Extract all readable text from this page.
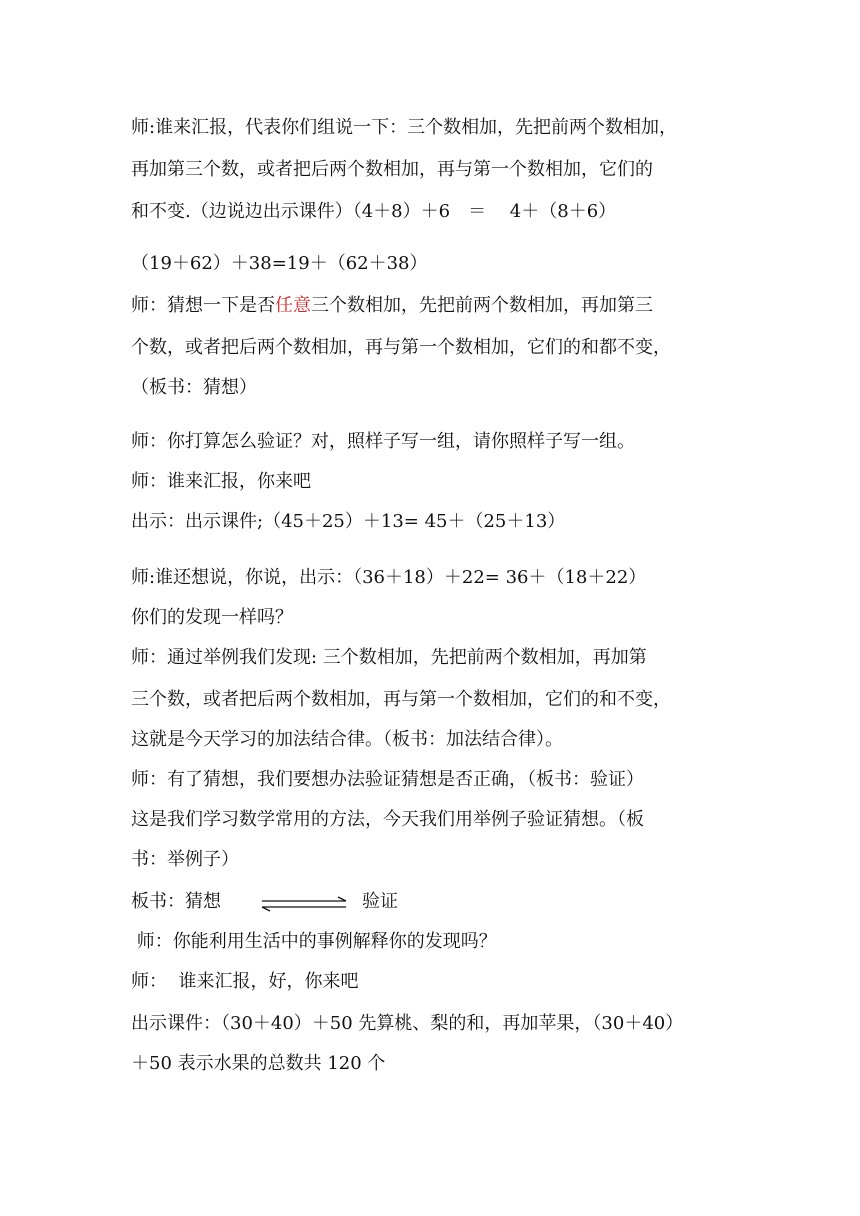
师:谁来汇报，代表你们组说一下：三个数相加，先把前两个数相加，
再加第三个数，或者把后两个数相加，再与第一个数相加，它们的
和不变.（边说边出示课件）（4＋8）＋6　＝　 4＋（8＋6）
（19＋62）＋38=19＋（62＋38）
师：猜想一下是否任意三个数相加，先把前两个数相加，再加第三
个数，或者把后两个数相加，再与第一个数相加，它们的和都不变，
（板书：猜想）
师：你打算怎么验证？对，照样子写一组，请你照样子写一组。
师：谁来汇报，你来吧
出示：出示课件;（45＋25）＋13= 45＋（25＋13）
师:谁还想说，你说，出示：（36＋18）＋22= 36＋（18＋22）
你们的发现一样吗？
师：通过举例我们发现: 三个数相加，先把前两个数相加，再加第
三个数，或者把后两个数相加，再与第一个数相加，它们的和不变，
这就是今天学习的加法结合律。（板书：加法结合律）。
师：有了猜想，我们要想办法验证猜想是否正确，（板书：验证）
这是我们学习数学常用的方法，今天我们用举例子验证猜想。（板
书：举例子）
板书：猜想	验证
师：你能利用生活中的事例解释你的发现吗？
师：  谁来汇报，好，你来吧
出示课件：（30＋40）＋50 先算桃、梨的和，再加苹果，（30＋40）
＋50 表示水果的总数共 120 个
